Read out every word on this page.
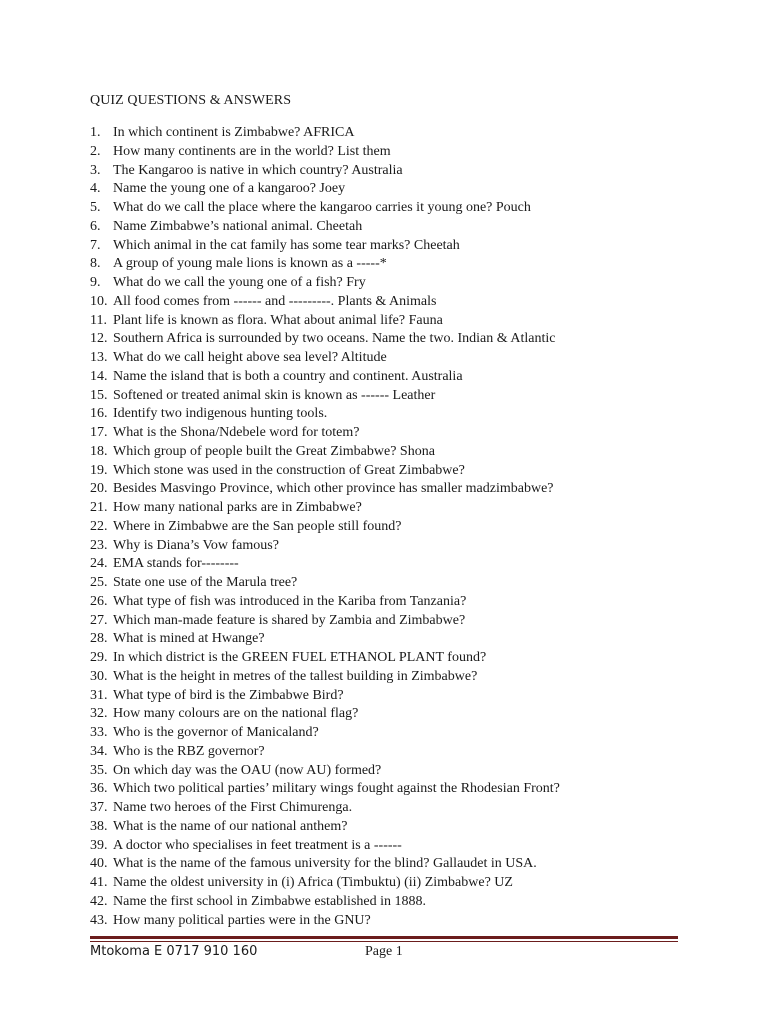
QUIZ QUESTIONS & ANSWERS
1. In which continent is Zimbabwe? AFRICA
2. How many continents are in the world? List them
3. The Kangaroo is native in which country? Australia
4. Name the young one of a kangaroo? Joey
5. What do we call the place where the kangaroo carries it young one? Pouch
6. Name Zimbabwe’s national animal. Cheetah
7. Which animal in the cat family has some tear marks? Cheetah
8. A group of young male lions is known as a -----*
9. What do we call the young one of a fish? Fry
10. All food comes from ------ and ---------. Plants & Animals
11. Plant life is known as flora. What about animal life? Fauna
12. Southern Africa is surrounded by two oceans. Name the two. Indian & Atlantic
13. What do we call height above sea level? Altitude
14. Name the island that is both a country and continent. Australia
15. Softened or treated animal skin is known as ------ Leather
16. Identify two indigenous hunting tools.
17. What is the Shona/Ndebele word for totem?
18. Which group of people built the Great Zimbabwe? Shona
19. Which stone was used in the construction of Great Zimbabwe?
20. Besides Masvingo Province, which other province has smaller madzimbabwe?
21. How many national parks are in Zimbabwe?
22. Where in Zimbabwe are the San people still found?
23. Why is Diana’s Vow famous?
24. EMA stands for--------
25. State one use of the Marula tree?
26. What type of fish was introduced in the Kariba from Tanzania?
27. Which man-made feature is shared by Zambia and Zimbabwe?
28. What is mined at Hwange?
29. In which district is the GREEN FUEL ETHANOL PLANT found?
30. What is the height in metres of the tallest building in Zimbabwe?
31. What type of bird is the Zimbabwe Bird?
32. How many colours are on the national flag?
33. Who is the governor of Manicaland?
34. Who is the RBZ governor?
35. On which day was the OAU (now AU) formed?
36. Which two political parties’ military wings fought against the Rhodesian Front?
37. Name two heroes of the First Chimurenga.
38. What is the name of our national anthem?
39. A doctor who specialises in feet treatment is a ------
40. What is the name of the famous university for the blind? Gallaudet in USA.
41. Name the oldest university in (i) Africa (Timbuktu) (ii) Zimbabwe? UZ
42. Name the first school in Zimbabwe established in 1888.
43. How many political parties were in the GNU?
Mtokoma E 0717 910 160	Page 1
